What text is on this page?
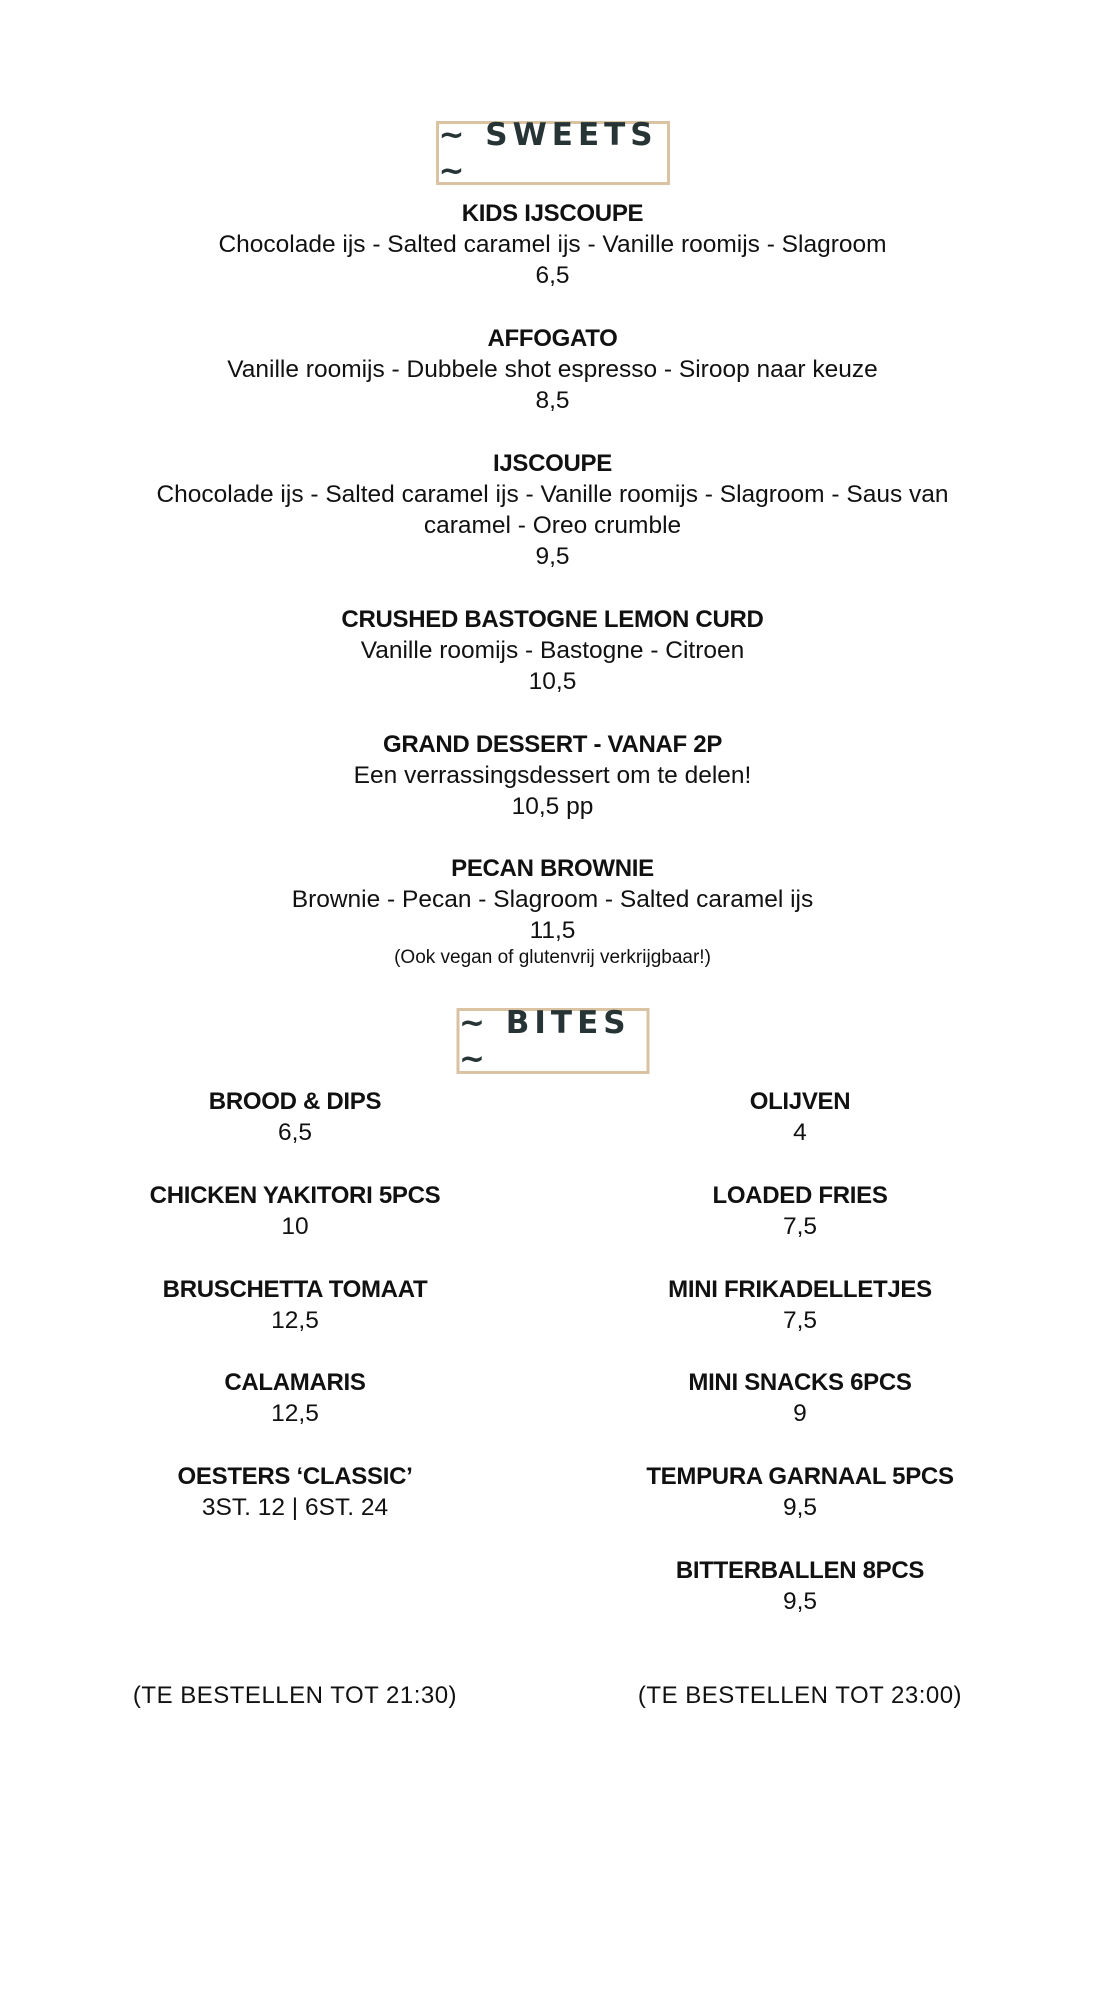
~ SWEETS ~
KIDS IJSCOUPE
Chocolade ijs - Salted caramel ijs - Vanille roomijs - Slagroom
6,5
AFFOGATO
Vanille roomijs - Dubbele shot espresso - Siroop naar keuze
8,5
IJSCOUPE
Chocolade ijs - Salted caramel ijs - Vanille roomijs - Slagroom - Saus van
caramel - Oreo crumble
9,5
CRUSHED BASTOGNE LEMON CURD
Vanille roomijs - Bastogne - Citroen
10,5
GRAND DESSERT - VANAF 2P
Een verrassingsdessert om te delen!
10,5 pp
PECAN BROWNIE
Brownie - Pecan - Slagroom - Salted caramel ijs
11,5
(Ook vegan of glutenvrij verkrijgbaar!)
~ BITES ~
BROOD & DIPS
6,5
CHICKEN YAKITORI 5PCS
10
BRUSCHETTA TOMAAT
12,5
CALAMARIS
12,5
OESTERS ‘CLASSIC’
3ST. 12 | 6ST. 24
OLIJVEN
4
LOADED FRIES
7,5
MINI FRIKADELLETJES
7,5
MINI SNACKS 6PCS
9
TEMPURA GARNAAL 5PCS
9,5
BITTERBALLEN 8PCS
9,5
(TE BESTELLEN TOT 21:30)	(TE BESTELLEN TOT 23:00)
